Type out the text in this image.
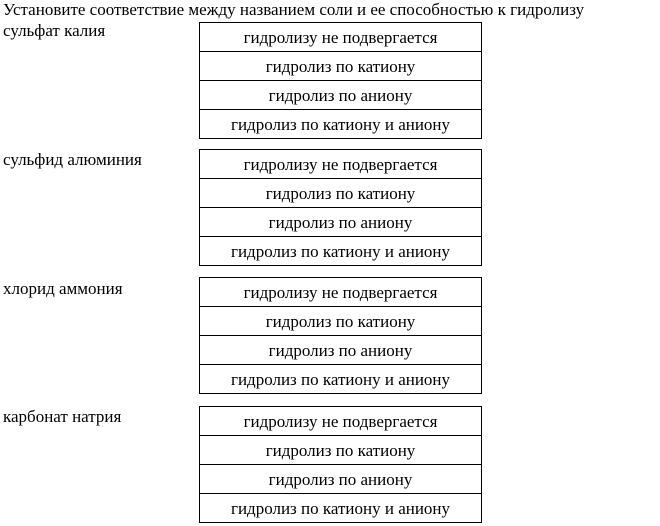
Установите соответствие между названием соли и ее способностью к гидролизу
сульфат калия	гидролизу не подвергается
гидролиз по катиону
гидролиз по аниону
гидролиз по катиону и аниону
сульфид алюминия	гидролизу не подвергается
гидролиз по катиону
гидролиз по аниону
гидролиз по катиону и аниону
хлорид аммония	гидролизу не подвергается
гидролиз по катиону
гидролиз по аниону
гидролиз по катиону и аниону
карбонат натрия	гидролизу не подвергается
гидролиз по катиону
гидролиз по аниону
гидролиз по катиону и аниону
